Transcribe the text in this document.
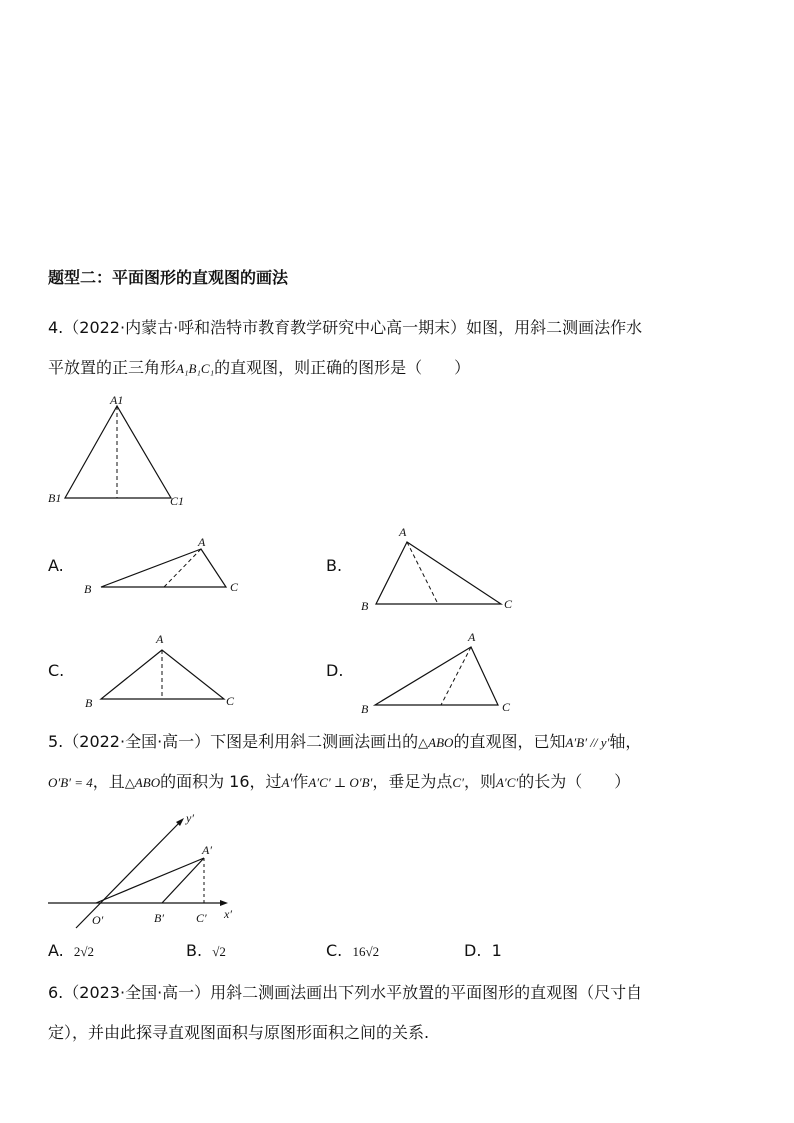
题型二：平面图形的直观图的画法
4.（2022·内蒙古·呼和浩特市教育教学研究中心高一期末）如图，用斜二测画法作水
平放置的正三角形A₁B₁C₁的直观图，则正确的图形是（　　）
A1
B1	C1
A.
A
B	C
B.
A
B	C
C.
A
B	C
D.
A
B	C
5.（2022·全国·高一）下图是利用斜二测画法画出的△ABO的直观图，已知A′B′ // y′轴，
O′B′ = 4，且△ABO的面积为 16，过A′作A′C′ ⊥ O′B′，垂足为点C′，则A′C′的长为（　　）
y′
A′
O′	B′	C′ x′
A. 2√2	B. √2	C. 16√2	D. 1
6.（2023·全国·高一）用斜二测画法画出下列水平放置的平面图形的直观图（尺寸自
定），并由此探寻直观图面积与原图形面积之间的关系.
